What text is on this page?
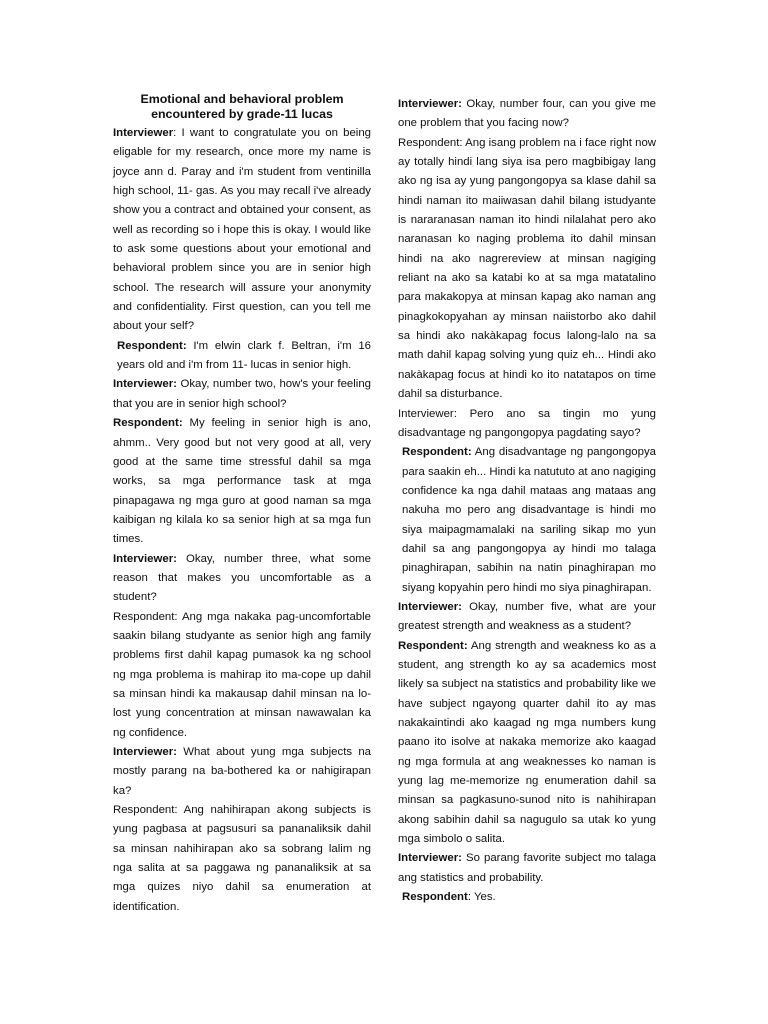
Emotional and behavioral problem
encountered by grade-11 lucas

Interviewer: I want to congratulate you on being eligable for my research, once more my name is joyce ann d. Paray and i'm student from ventinilla high school, 11- gas. As you may recall i've already show you a contract and obtained your consent, as well as recording so i hope this is okay. I would like to ask some questions about your emotional and behavioral problem since you are in senior high school. The research will assure your anonymity and confidentiality. First question, can you tell me about your self?

Respondent: I'm elwin clark f. Beltran, i'm 16 years old and i'm from 11- lucas in senior high.

Interviewer: Okay, number two, how's your feeling that you are in senior high school?

Respondent: My feeling in senior high is ano, ahmm.. Very good but not very good at all, very good at the same time stressful dahil sa mga works, sa mga performance task at mga pinapagawa ng mga guro at good naman sa mga kaibigan ng kilala ko sa senior high at sa mga fun times.

Interviewer: Okay, number three, what some reason that makes you uncomfortable as a student?

Respondent: Ang mga nakaka pag-uncomfortable saakin bilang studyante as senior high ang family problems first dahil kapag pumasok ka ng school ng mga problema is mahirap ito ma-cope up dahil sa minsan hindi ka makausap dahil minsan na lo-lost yung concentration at minsan nawawalan ka ng confidence.

Interviewer: What about yung mga subjects na mostly parang na ba-bothered ka or nahigirapan ka?

Respondent: Ang nahihirapan akong subjects is yung pagbasa at pagsusuri sa pananaliksik dahil sa minsan nahihirapan ako sa sobrang lalim ng nga salita at sa paggawa ng pananaliksik at sa mga quizes niyo dahil sa enumeration at identification.

Interviewer: Okay, number four, can you give me one problem that you facing now?

Respondent: Ang isang problem na i face right now ay totally hindi lang siya isa pero magbibigay lang ako ng isa ay yung pangongopya sa klase dahil sa hindi naman ito maiiwasan dahil bilang istudyante is nararanasan naman ito hindi nilalahat pero ako naranasan ko naging problema ito dahil minsan hindi na ako nagrereview at minsan nagiging reliant na ako sa katabi ko at sa mga matatalino para makakopya at minsan kapag ako naman ang pinagkokopyahan ay minsan naiistorbo ako dahil sa hindi ako nakàkapag focus lalong-lalo na sa math dahil kapag solving yung quiz eh... Hindi ako nakàkapag focus at hindi ko ito natatapos on time dahil sa disturbance.

Interviewer: Pero ano sa tingin mo yung disadvantage ng pangongopya pagdating sayo?

Respondent: Ang disadvantage ng pangongopya para saakin eh... Hindi ka natututo at ano nagiging confidence ka nga dahil mataas ang mataas ang nakuha mo pero ang disadvantage is hindi mo siya maipagmamalaki na sariling sikap mo yun dahil sa ang pangongopya ay hindi mo talaga pinaghirapan, sabihin na natin pinaghirapan mo siyang kopyahin pero hindi mo siya pinaghirapan.

Interviewer: Okay, number five, what are your greatest strength and weakness as a student?

Respondent: Ang strength and weakness ko as a student, ang strength ko ay sa academics most likely sa subject na statistics and probability like we have subject ngayong quarter dahil ito ay mas nakakaintindi ako kaagad ng mga numbers kung paano ito isolve at nakaka memorize ako kaagad ng mga formula at ang weaknesses ko naman is yung lag me-memorize ng enumeration dahil sa minsan sa pagkasuno-sunod nito is nahihirapan akong sabihin dahil sa nagugulo sa utak ko yung mga simbolo o salita.

Interviewer: So parang favorite subject mo talaga ang statistics and probability.

Respondent: Yes.
